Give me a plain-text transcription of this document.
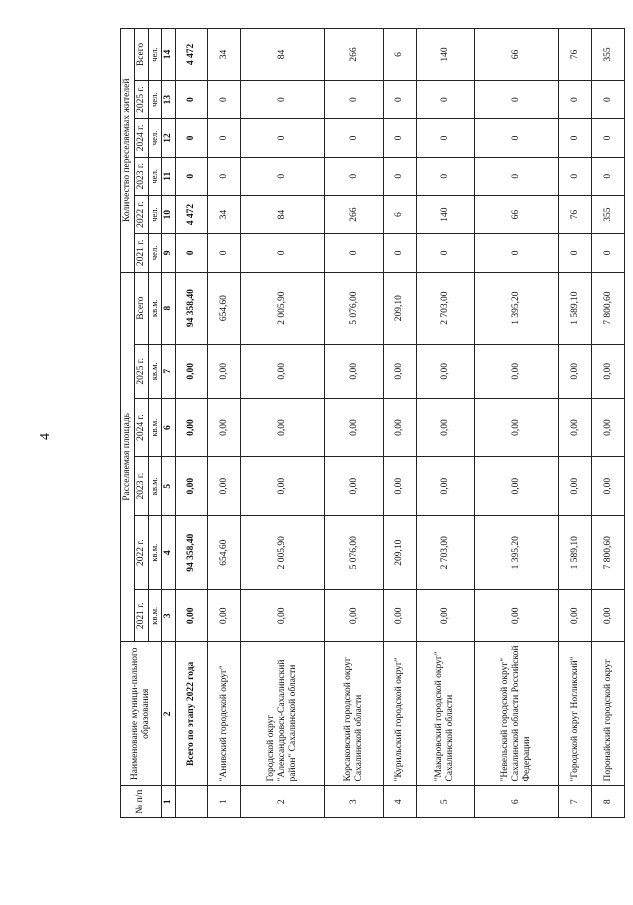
4
№ п/п	Наименование муници-пального образования	Расселяемая площадь						Количество переселяемых жителей					
		2021 г.	2022 г.	2023 г.	2024 г.	2025 г.	Всего	2021 г.	2022 г.	2023 г.	2024 г.	2025 г.	Всего
		кв.м.	кв.м.	кв.м.	кв.м.	кв.м.	кв.м.	чел.	чел.	чел.	чел.	чел.	чел.
1	2	3	4	5	6	7	8	9	10	11	12	13	14
	Всего по этапу 2022 года	0,00	94 358,40	0,00	0,00	0,00	94 358,40	0	4 472	0	0	0	4 472
1	"Анивский городской округ"	0,00	654,60	0,00	0,00	0,00	654,60	0	34	0	0	0	34
2	Городской округ "Александровск-Сахалинский район" Сахалинской области	0,00	2 005,90	0,00	0,00	0,00	2 005,90	0	84	0	0	0	84
3	Корсаковский городской округ Сахалинской области	0,00	5 076,00	0,00	0,00	0,00	5 076,00	0	266	0	0	0	266
4	"Курильский городской округ"	0,00	209,10	0,00	0,00	0,00	209,10	0	6	0	0	0	6
5	"Макаровский городской округ" Сахалинской области	0,00	2 703,00	0,00	0,00	0,00	2 703,00	0	140	0	0	0	140
6	"Невельский городской округ" Сахалинской области Российской Федерации	0,00	1 395,20	0,00	0,00	0,00	1 395,20	0	66	0	0	0	66
7	"Городской округ Ногликский"	0,00	1 589,10	0,00	0,00	0,00	1 589,10	0	76	0	0	0	76
8	Поронайский городской округ	0,00	7 800,60	0,00	0,00	0,00	7 800,60	0	355	0	0	0	355
